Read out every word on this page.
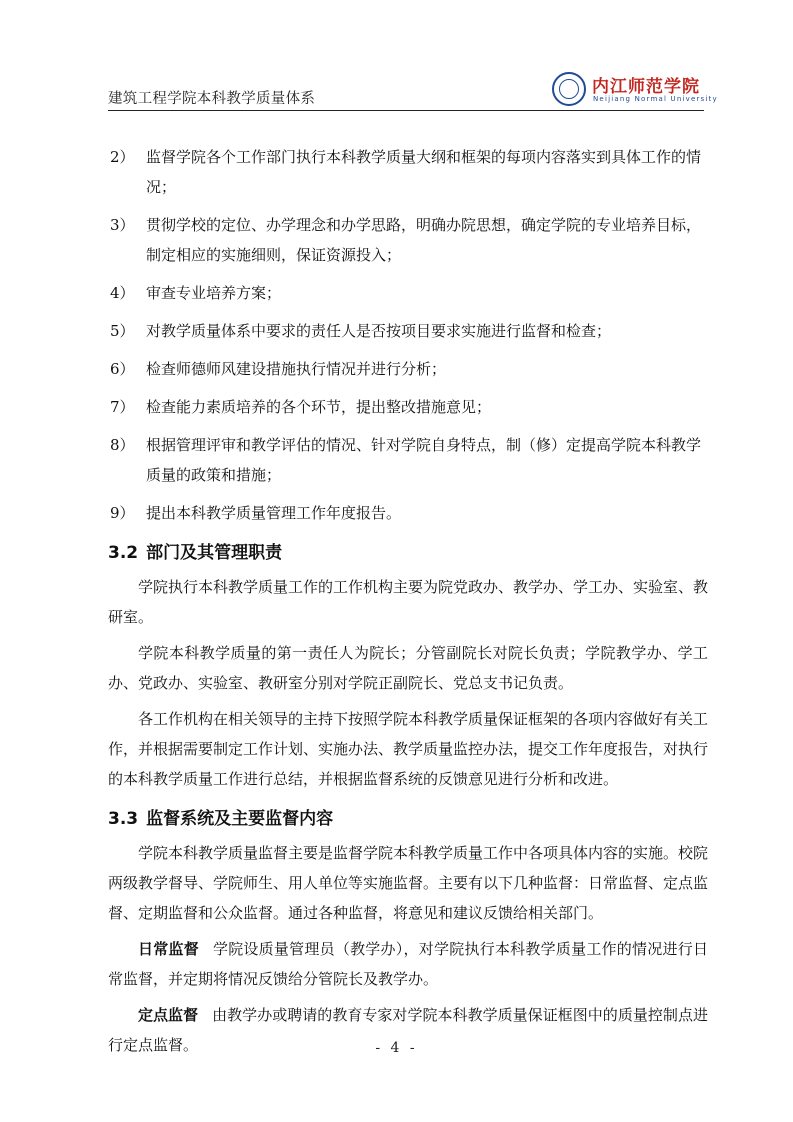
建筑工程学院本科教学质量体系
内江师范学院
Neijiang Normal University
2） 监督学院各个工作部门执行本科教学质量大纲和框架的每项内容落实到具体工作的情况；
3） 贯彻学校的定位、办学理念和办学思路，明确办院思想，确定学院的专业培养目标，制定相应的实施细则，保证资源投入；
4） 审查专业培养方案；
5） 对教学质量体系中要求的责任人是否按项目要求实施进行监督和检查；
6） 检查师德师风建设措施执行情况并进行分析；
7） 检查能力素质培养的各个环节，提出整改措施意见；
8） 根据管理评审和教学评估的情况、针对学院自身特点，制（修）定提高学院本科教学质量的政策和措施；
9） 提出本科教学质量管理工作年度报告。
3.2 部门及其管理职责

学院执行本科教学质量工作的工作机构主要为院党政办、教学办、学工办、实验室、教研室。

学院本科教学质量的第一责任人为院长；分管副院长对院长负责；学院教学办、学工办、党政办、实验室、教研室分别对学院正副院长、党总支书记负责。

各工作机构在相关领导的主持下按照学院本科教学质量保证框架的各项内容做好有关工作，并根据需要制定工作计划、实施办法、教学质量监控办法，提交工作年度报告，对执行的本科教学质量工作进行总结，并根据监督系统的反馈意见进行分析和改进。

3.3 监督系统及主要监督内容

学院本科教学质量监督主要是监督学院本科教学质量工作中各项具体内容的实施。校院两级教学督导、学院师生、用人单位等实施监督。主要有以下几种监督：日常监督、定点监督、定期监督和公众监督。通过各种监督，将意见和建议反馈给相关部门。

日常监督 学院设质量管理员（教学办），对学院执行本科教学质量工作的情况进行日常监督，并定期将情况反馈给分管院长及教学办。

定点监督 由教学办或聘请的教育专家对学院本科教学质量保证框图中的质量控制点进行定点监督。	- 4 -
